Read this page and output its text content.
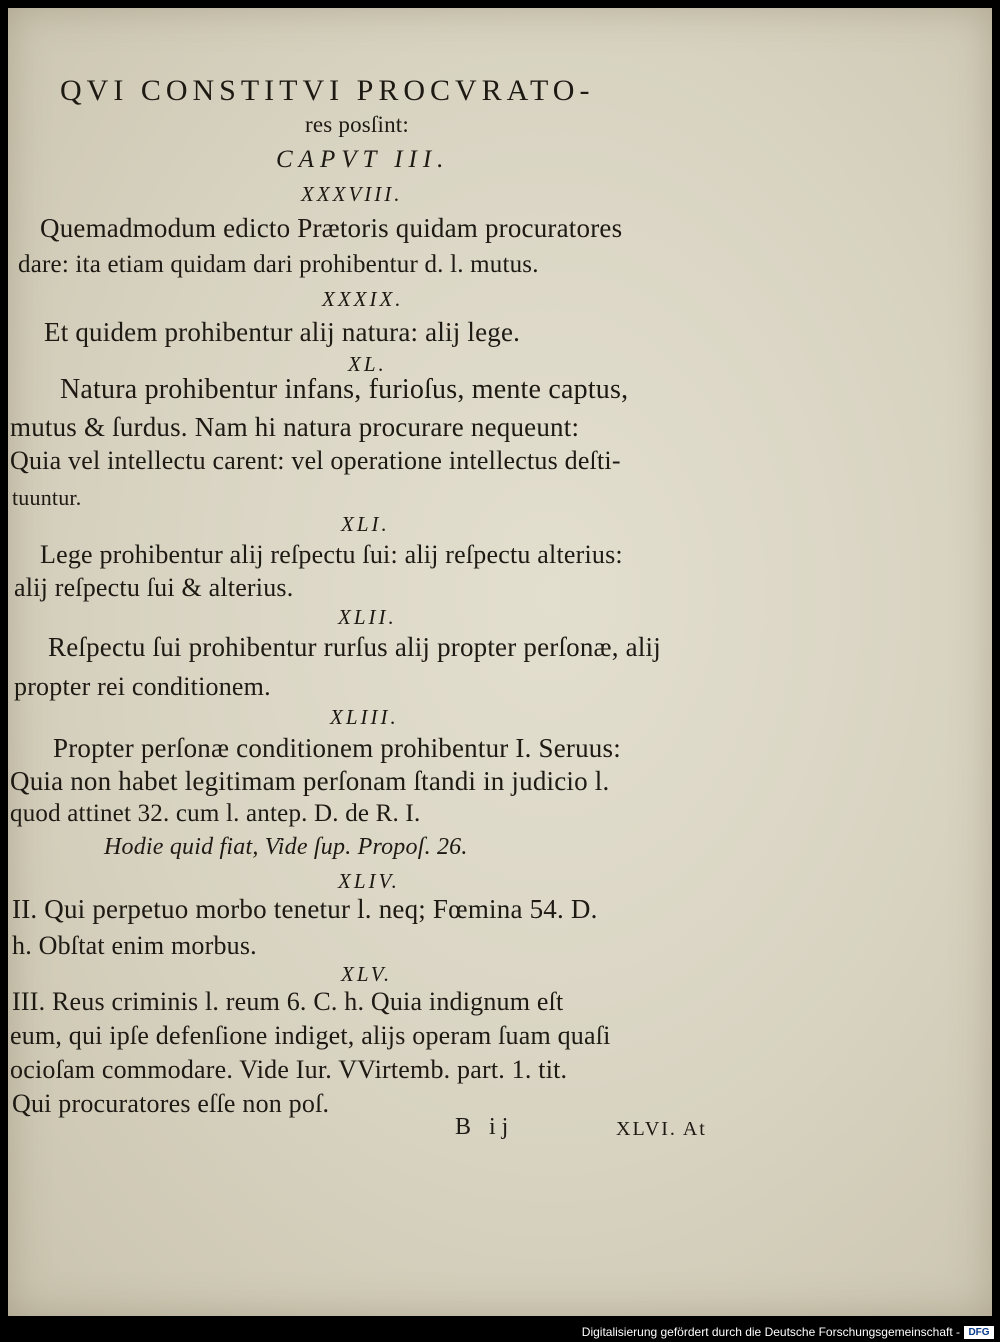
QVI CONSTITVI PROCVRATO-
res posſint:
CAPVT III.
XXXVIII.
Quemadmodum edicto Prætoris quidam procuratores
dare: ita etiam quidam dari prohibentur d. l. mutus.
XXXIX.
Et quidem prohibentur alij natura: alij lege.
XL.
Natura prohibentur infans, furioſus, mente captus,
mutus & ſurdus. Nam hi natura procurare nequeunt:
Quia vel intellectu carent: vel operatione intellectus deſti-
tuuntur.
XLI.
Lege prohibentur alij reſpectu ſui: alij reſpectu alterius:
alij reſpectu ſui & alterius.
XLII.
Reſpectu ſui prohibentur rurſus alij propter perſonæ, alij
propter rei conditionem.
XLIII.
Propter perſonæ conditionem prohibentur I. Seruus:
Quia non habet legitimam perſonam ſtandi in judicio l.
quod attinet 32. cum l. antep. D. de R. I.
Hodie quid fiat, Vide ſup. Propoſ. 26.
XLIV.
II. Qui perpetuo morbo tenetur l. neq; Fœmina 54. D.
h. Obſtat enim morbus.
XLV.
III. Reus criminis l. reum 6. C. h. Quia indignum eſt
eum, qui ipſe defenſione indiget, alijs operam ſuam quaſi
ocioſam commodare. Vide Iur. VVirtemb. part. 1. tit.
Qui procuratores eſſe non poſ.
B ij	XLVI. At
Digitalisierung gefördert durch die Deutsche Forschungsgemeinschaft - DFG
